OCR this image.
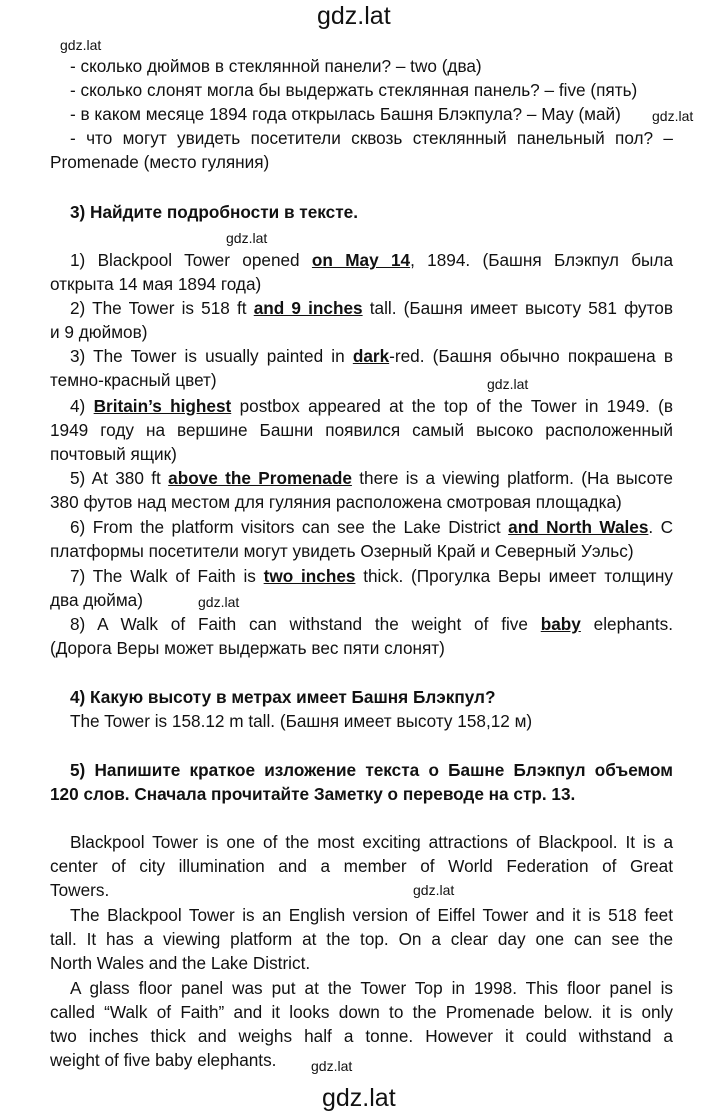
gdz.lat
gdz.lat
gdz.lat
gdz.lat
gdz.lat
gdz.lat
gdz.lat
gdz.lat
gdz.lat
- сколько дюймов в стеклянной панели? – two (два)
- сколько слонят могла бы выдержать стеклянная панель? – five (пять)
- в каком месяце 1894 года открылась Башня Блэкпула? – May (май)
- что могут увидеть посетители сквозь стеклянный панельный пол? –
Promenade (место гуляния)
3) Найдите подробности в тексте.
1) Blackpool Tower opened on May 14, 1894. (Башня Блэкпул была
открыта 14 мая 1894 года)
2) The Tower is 518 ft and 9 inches tall. (Башня имеет высоту 581 футов
и 9 дюймов)
3) The Tower is usually painted in dark-red. (Башня обычно покрашена в
темно-красный цвет)
4) Britain’s highest postbox appeared at the top of the Tower in 1949. (в
1949 году на вершине Башни появился самый высоко расположенный
почтовый ящик)
5) At 380 ft above the Promenade there is a viewing platform. (На высоте
380 футов над местом для гуляния расположена смотровая площадка)
6) From the platform visitors can see the Lake District and North Wales. С
платформы посетители могут увидеть Озерный Край и Северный Уэльс)
7) The Walk of Faith is two inches thick. (Прогулка Веры имеет толщину
два дюйма)
8) A Walk of Faith can withstand the weight of five baby elephants.
(Дорога Веры может выдержать вес пяти слонят)
4) Какую высоту в метрах имеет Башня Блэкпул?
The Tower is 158.12 m tall. (Башня имеет высоту 158,12 м)
5) Напишите краткое изложение текста о Башне Блэкпул объемом
120 слов. Сначала прочитайте Заметку о переводе на стр. 13.
Blackpool Tower is one of the most exciting attractions of Blackpool. It is a
center of city illumination and a member of World Federation of Great
Towers.
The Blackpool Tower is an English version of Eiffel Tower and it is 518 feet
tall. It has a viewing platform at the top. On a clear day one can see the
North Wales and the Lake District.
A glass floor panel was put at the Tower Top in 1998. This floor panel is
called “Walk of Faith” and it looks down to the Promenade below. it is only
two inches thick and weighs half a tonne. However it could withstand a
weight of five baby elephants.
